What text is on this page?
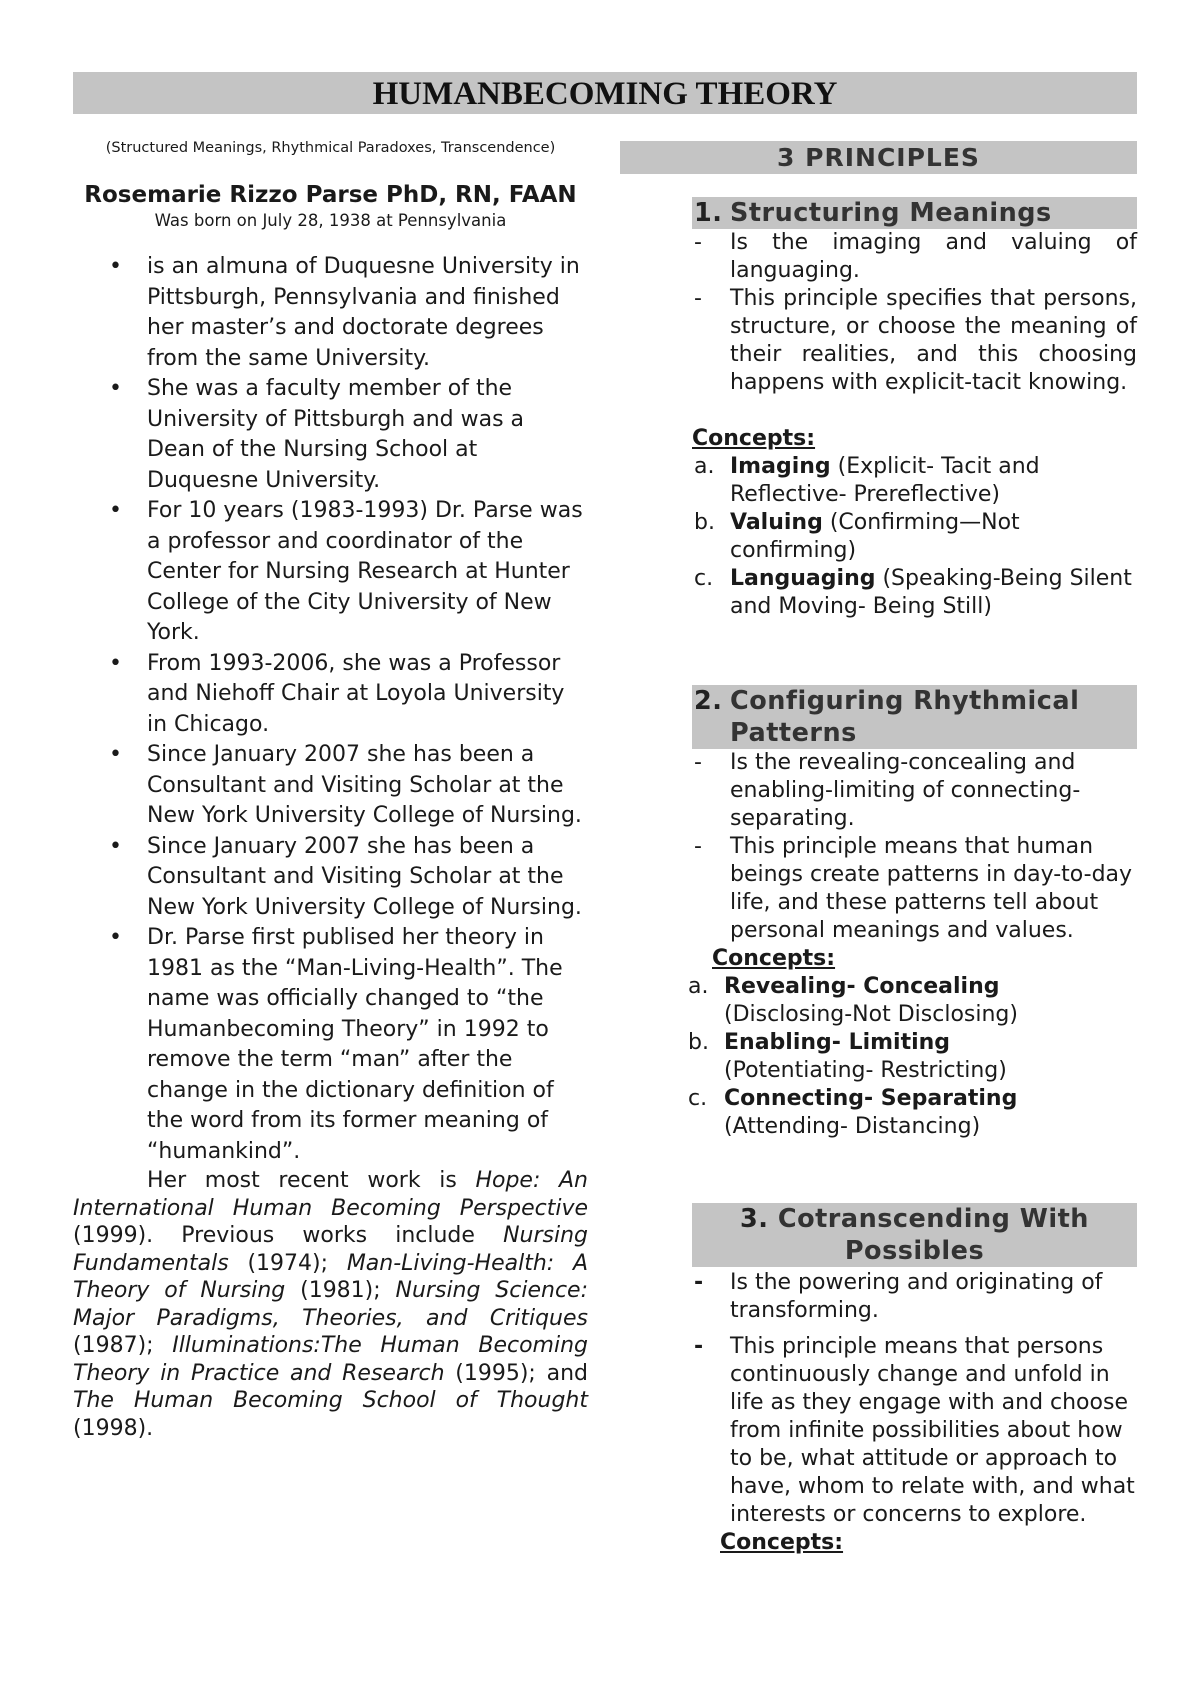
HUMANBECOMING THEORY

(Structured Meanings, Rhythmical Paradoxes, Transcendence)

Rosemarie Rizzo Parse PhD, RN, FAAN

Was born on July 28, 1938 at Pennsylvania

• is an almuna of Duquesne University in Pittsburgh, Pennsylvania and finished her master’s and doctorate degrees from the same University.
• She was a faculty member of the University of Pittsburgh and was a Dean of the Nursing School at Duquesne University.
• For 10 years (1983-1993) Dr. Parse was a professor and coordinator of the Center for Nursing Research at Hunter College of the City University of New York.
• From 1993-2006, she was a Professor and Niehoff Chair at Loyola University in Chicago.
• Since January 2007 she has been a Consultant and Visiting Scholar at the New York University College of Nursing.
• Since January 2007 she has been a Consultant and Visiting Scholar at the New York University College of Nursing.
• Dr. Parse first publised her theory in 1981 as the “Man-Living-Health”. The name was officially changed to “the Humanbecoming Theory” in 1992 to remove the term “man” after the change in the dictionary definition of the word from its former meaning of “humankind”.

Her most recent work is Hope: An International Human Becoming Perspective (1999). Previous works include Nursing Fundamentals (1974); Man-Living-Health: A Theory of Nursing (1981); Nursing Science: Major Paradigms, Theories, and Critiques (1987); Illuminations:The Human Becoming Theory in Practice and Research (1995); and The Human Becoming School of Thought (1998).

3 PRINCIPLES
1. Structuring Meanings
- Is the imaging and valuing of languaging.
- This principle specifies that persons, structure, or choose the meaning of their realities, and this choosing happens with explicit-tacit knowing.
Concepts:
a. Imaging (Explicit- Tacit and Reflective- Prereflective)
b. Valuing (Confirming—Not confirming)
c. Languaging (Speaking-Being Silent and Moving- Being Still)
2. Configuring Rhythmical Patterns
- Is the revealing-concealing and enabling-limiting of connecting-separating.
- This principle means that human beings create patterns in day-to-day life, and these patterns tell about personal meanings and values.
Concepts:
a. Revealing- Concealing
(Disclosing-Not Disclosing)
b. Enabling- Limiting
(Potentiating- Restricting)
c. Connecting- Separating
(Attending- Distancing)
3. Cotranscending With Possibles
- Is the powering and originating of transforming.
- This principle means that persons continuously change and unfold in life as they engage with and choose from infinite possibilities about how to be, what attitude or approach to have, whom to relate with, and what interests or concerns to explore.
Concepts:
